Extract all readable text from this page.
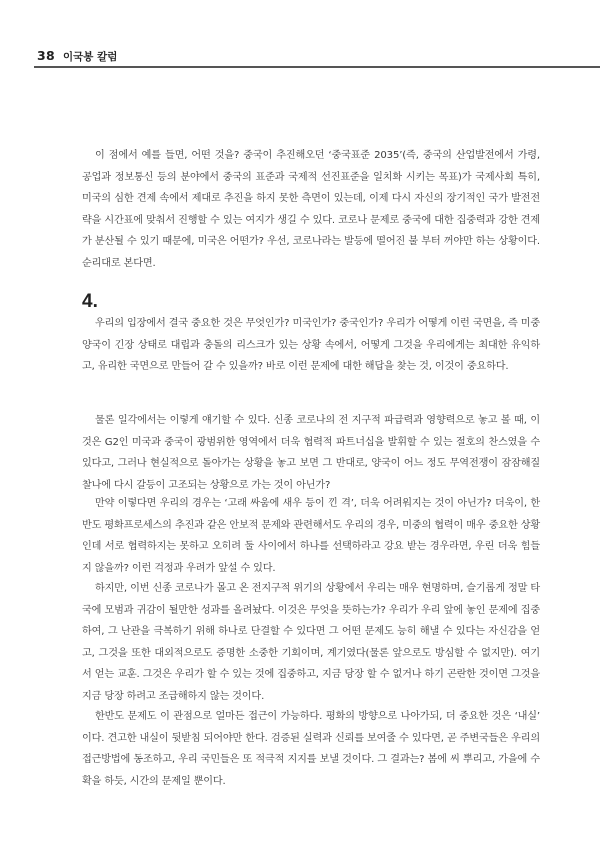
38 이국봉 칼럼

이 점에서 예를 들면, 어떤 것을? 중국이 추진해오던 ‘중국표준 2035’(즉, 중국의 산업발전에서 가령, 공업과 정보통신 등의 분야에서 중국의 표준과 국제적 선진표준을 일치화 시키는 목표)가 국제사회 특히, 미국의 심한 견제 속에서 제대로 추진을 하지 못한 측면이 있는데, 이제 다시 자신의 장기적인 국가 발전전략을 시간표에 맞춰서 진행할 수 있는 여지가 생길 수 있다. 코로나 문제로 중국에 대한 집중력과 강한 견제가 분산될 수 있기 때문에, 미국은 어떤가? 우선, 코로나라는 발등에 떨어진 불 부터 꺼야만 하는 상황이다. 순리대로 본다면.

4.

우리의 입장에서 결국 중요한 것은 무엇인가? 미국인가? 중국인가? 우리가 어떻게 이런 국면을, 즉 미중 양국이 긴장 상태로 대립과 충돌의 리스크가 있는 상황 속에서, 어떻게 그것을 우리에게는 최대한 유익하고, 유리한 국면으로 만들어 갈 수 있을까? 바로 이런 문제에 대한 해답을 찾는 것, 이것이 중요하다.

물론 일각에서는 이렇게 얘기할 수 있다. 신종 코로나의 전 지구적 파급력과 영향력으로 놓고 볼 때, 이것은 G2인 미국과 중국이 광범위한 영역에서 더욱 협력적 파트너십을 발휘할 수 있는 절호의 찬스였을 수 있다고, 그러나 현실적으로 돌아가는 상황을 놓고 보면 그 반대로, 양국이 어느 정도 무역전쟁이 잠잠해질 찰나에 다시 갈등이 고조되는 상황으로 가는 것이 아닌가?

만약 이렇다면 우리의 경우는 ‘고래 싸움에 새우 등이 낀 격’, 더욱 어려워지는 것이 아닌가? 더욱이, 한반도 평화프로세스의 추진과 같은 안보적 문제와 관련해서도 우리의 경우, 미중의 협력이 매우 중요한 상황인데 서로 협력하지는 못하고 오히려 둘 사이에서 하나를 선택하라고 강요 받는 경우라면, 우린 더욱 힘들지 않을까? 이런 걱정과 우려가 앞설 수 있다.

하지만, 이번 신종 코로나가 몰고 온 전지구적 위기의 상황에서 우리는 매우 현명하며, 슬기롭게 정말 타국에 모범과 귀감이 될만한 성과를 올려놨다. 이것은 무엇을 뜻하는가? 우리가 우리 앞에 놓인 문제에 집중하여, 그 난관을 극복하기 위해 하나로 단결할 수 있다면 그 어떤 문제도 능히 해낼 수 있다는 자신감을 얻고, 그것을 또한 대외적으로도 증명한 소중한 기회이며, 계기였다(물론 앞으로도 방심할 수 없지만). 여기서 얻는 교훈. 그것은 우리가 할 수 있는 것에 집중하고, 지금 당장 할 수 없거나 하기 곤란한 것이면 그것을 지금 당장 하려고 조급해하지 않는 것이다.

한반도 문제도 이 관점으로 얼마든 접근이 가능하다. 평화의 방향으로 나아가되, 더 중요한 것은 ‘내실’ 이다. 견고한 내실이 뒷받침 되어야만 한다. 검증된 실력과 신뢰를 보여줄 수 있다면, 곧 주변국들은 우리의 접근방법에 동조하고, 우리 국민들은 또 적극적 지지를 보낼 것이다. 그 결과는? 봄에 씨 뿌리고, 가을에 수확을 하듯, 시간의 문제일 뿐이다.
